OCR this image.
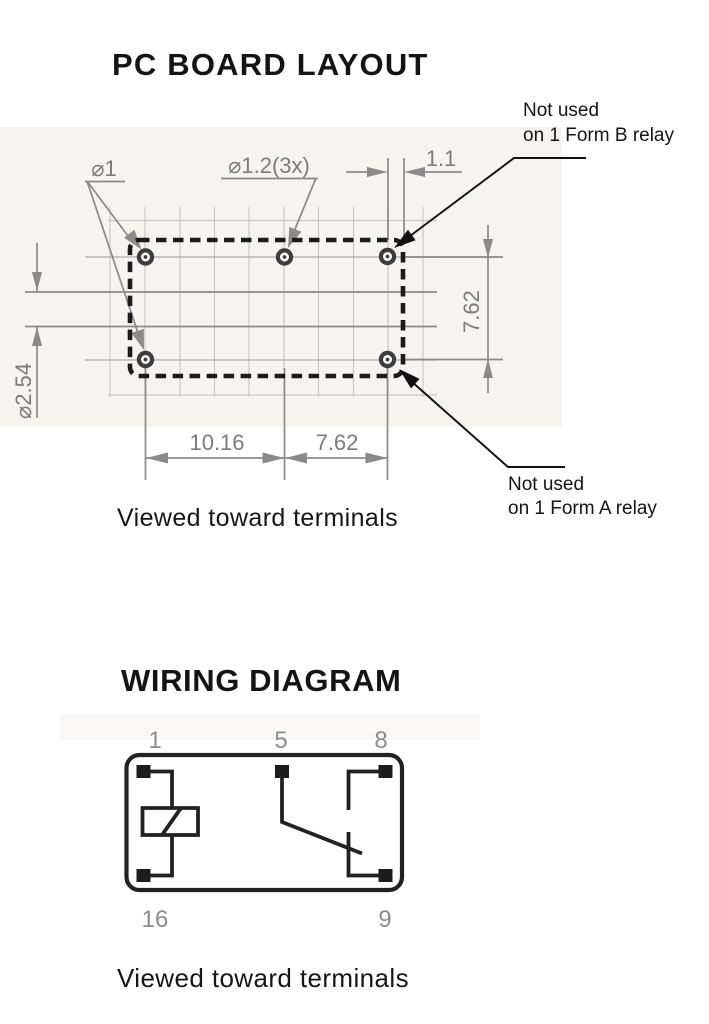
PC BOARD LAYOUT
⌀1	⌀1.2(3x)	1.1
⌀2.54
7.62
10.16	7.62
Not used
on 1 Form B relay
Not used
on 1 Form A relay
Viewed toward terminals
WIRING DIAGRAM
1	5	8
16	9
Viewed toward terminals
